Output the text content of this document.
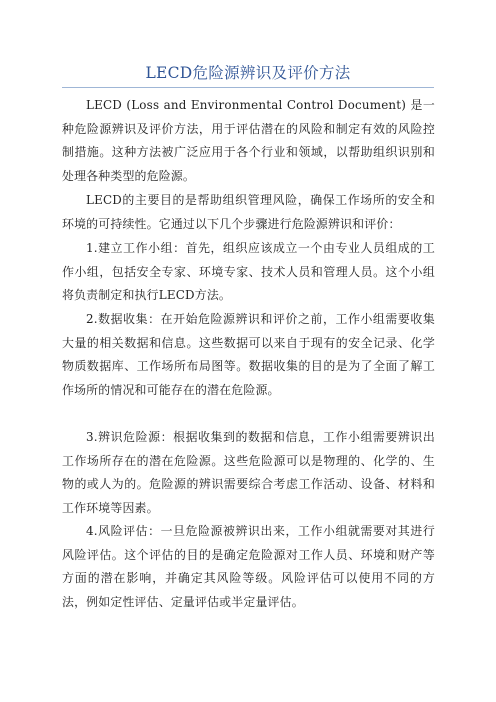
LECD危险源辨识及评价方法

LECD (Loss and Environmental Control Document) 是一种危险源辨识及评价方法，用于评估潜在的风险和制定有效的风险控制措施。这种方法被广泛应用于各个行业和领域，以帮助组织识别和处理各种类型的危险源。

LECD的主要目的是帮助组织管理风险，确保工作场所的安全和环境的可持续性。它通过以下几个步骤进行危险源辨识和评价：

1.建立工作小组：首先，组织应该成立一个由专业人员组成的工作小组，包括安全专家、环境专家、技术人员和管理人员。这个小组将负责制定和执行LECD方法。

2.数据收集：在开始危险源辨识和评价之前，工作小组需要收集大量的相关数据和信息。这些数据可以来自于现有的安全记录、化学物质数据库、工作场所布局图等。数据收集的目的是为了全面了解工作场所的情况和可能存在的潜在危险源。

3.辨识危险源：根据收集到的数据和信息，工作小组需要辨识出工作场所存在的潜在危险源。这些危险源可以是物理的、化学的、生物的或人为的。危险源的辨识需要综合考虑工作活动、设备、材料和工作环境等因素。

4.风险评估：一旦危险源被辨识出来，工作小组就需要对其进行风险评估。这个评估的目的是确定危险源对工作人员、环境和财产等方面的潜在影响，并确定其风险等级。风险评估可以使用不同的方法，例如定性评估、定量评估或半定量评估。
